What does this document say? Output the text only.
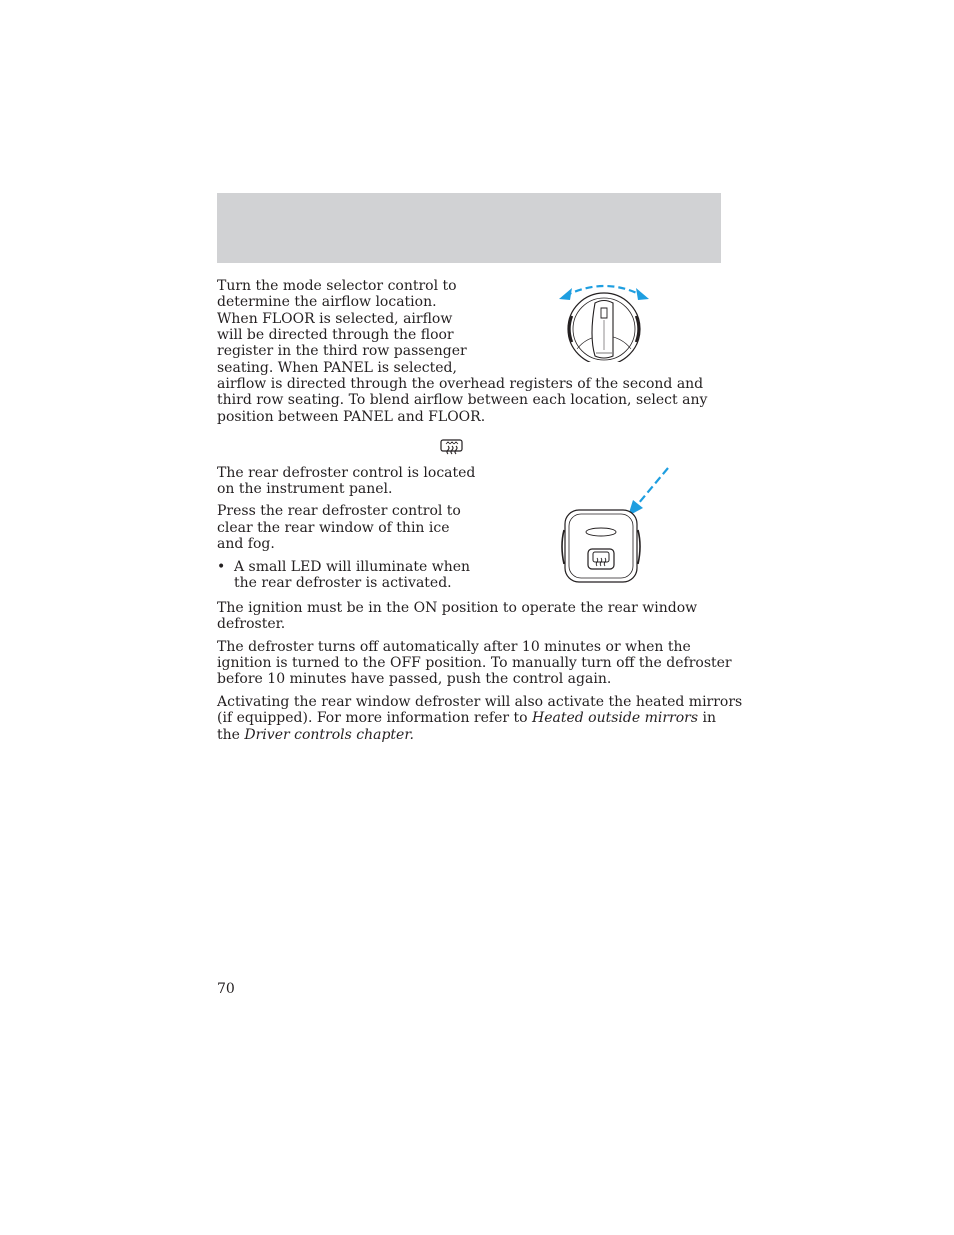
Turn the mode selector control to

determine the airflow location.

When FLOOR is selected, airflow

will be directed through the floor

register in the third row passenger

seating. When PANEL is selected,

airflow is directed through the overhead registers of the second and

third row seating. To blend airflow between each location, select any

position between PANEL and FLOOR.

The rear defroster control is located

on the instrument panel.

Press the rear defroster control to

clear the rear window of thin ice

and fog.

• A small LED will illuminate when
the rear defroster is activated.

The ignition must be in the ON position to operate the rear window

defroster.

The defroster turns off automatically after 10 minutes or when the

ignition is turned to the OFF position. To manually turn off the defroster

before 10 minutes have passed, push the control again.

Activating the rear window defroster will also activate the heated mirrors

(if equipped). For more information refer to Heated outside mirrors in

the Driver controls chapter.

70
